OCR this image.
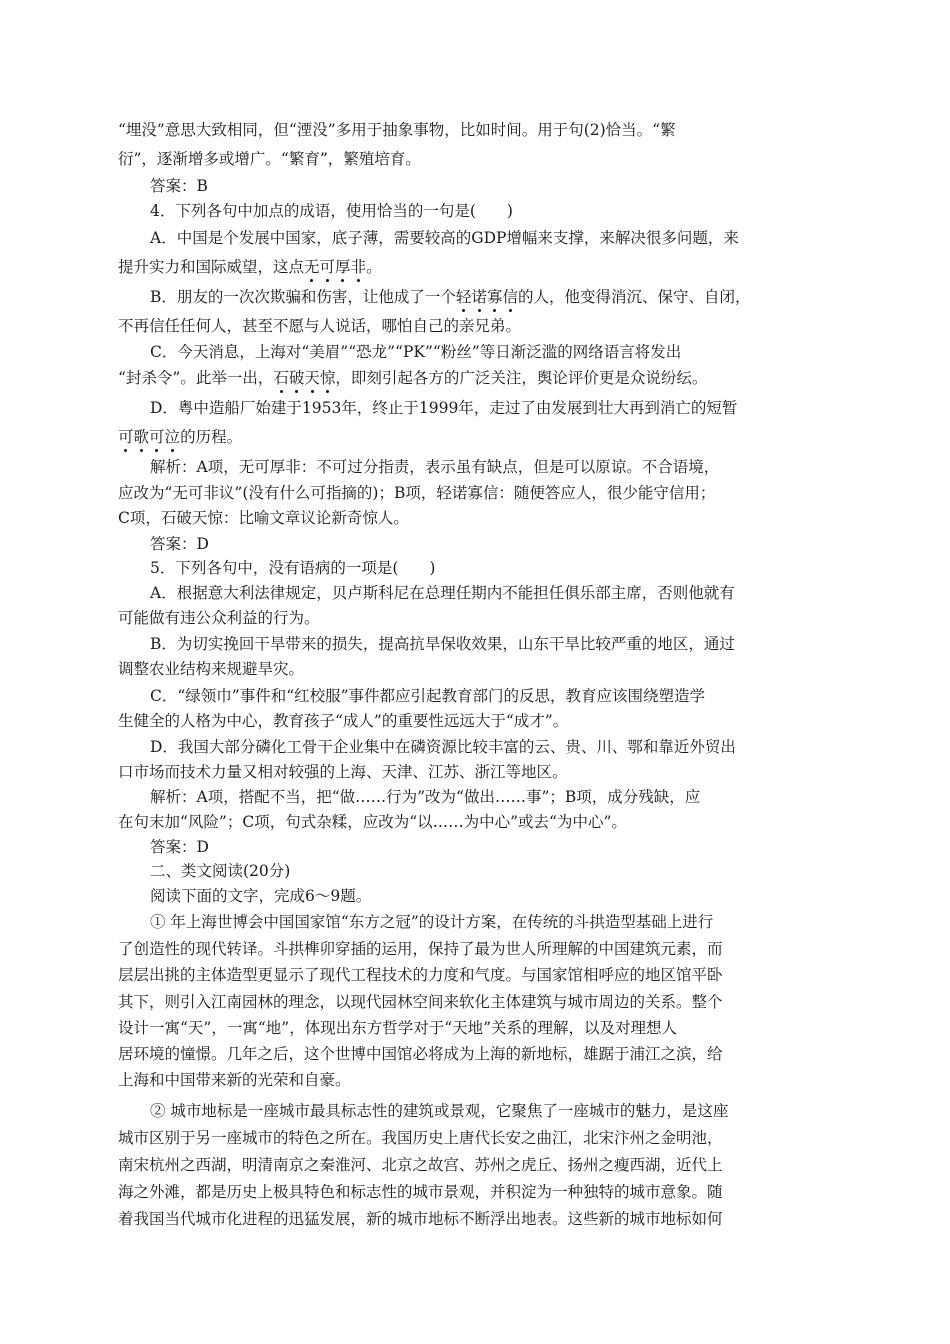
“埋没”意思大致相同，但“湮没”多用于抽象事物，比如时间。用于句(2)恰当。“繁
衍”，逐渐增多或增广。“繁育”，繁殖培育。
答案：B
4．下列各句中加点的成语，使用恰当的一句是(　　)
A．中国是个发展中国家，底子薄，需要较高的GDP增幅来支撑，来解决很多问题，来
提升实力和国际威望，这点无可厚非。
B．朋友的一次次欺骗和伤害，让他成了一个轻诺寡信的人，他变得消沉、保守、自闭，
不再信任任何人，甚至不愿与人说话，哪怕自己的亲兄弟。
C．今天消息，上海对“美眉”“恐龙”“PK”“粉丝”等日渐泛滥的网络语言将发出
“封杀令”。此举一出，石破天惊，即刻引起各方的广泛关注，舆论评价更是众说纷纭。
D．粤中造船厂始建于1953年，终止于1999年，走过了由发展到壮大再到消亡的短暂
可歌可泣的历程。
解析：A项，无可厚非：不可过分指责，表示虽有缺点，但是可以原谅。不合语境，
应改为“无可非议”(没有什么可指摘的)；B项，轻诺寡信：随便答应人，很少能守信用；
C项，石破天惊：比喻文章议论新奇惊人。
答案：D
5．下列各句中，没有语病的一项是(　　)
A．根据意大利法律规定，贝卢斯科尼在总理任期内不能担任俱乐部主席，否则他就有
可能做有违公众利益的行为。
B．为切实挽回干旱带来的损失，提高抗旱保收效果，山东干旱比较严重的地区，通过
调整农业结构来规避旱灾。
C．“绿领巾”事件和“红校服”事件都应引起教育部门的反思，教育应该围绕塑造学
生健全的人格为中心，教育孩子“成人”的重要性远远大于“成才”。
D．我国大部分磷化工骨干企业集中在磷资源比较丰富的云、贵、川、鄂和靠近外贸出
口市场而技术力量又相对较强的上海、天津、江苏、浙江等地区。
解析：A项，搭配不当，把“做……行为”改为“做出……事”；B项，成分残缺，应
在句末加“风险”；C项，句式杂糅，应改为“以……为中心”或去“为中心”。
答案：D
二、类文阅读(20分)
阅读下面的文字，完成6～9题。
① 年上海世博会中国国家馆“东方之冠”的设计方案，在传统的斗拱造型基础上进行
了创造性的现代转译。斗拱榫卯穿插的运用，保持了最为世人所理解的中国建筑元素，而
层层出挑的主体造型更显示了现代工程技术的力度和气度。与国家馆相呼应的地区馆平卧
其下，则引入江南园林的理念，以现代园林空间来软化主体建筑与城市周边的关系。整个
设计一寓“天”，一寓“地”，体现出东方哲学对于“天地”关系的理解，以及对理想人
居环境的憧憬。几年之后，这个世博中国馆必将成为上海的新地标，雄踞于浦江之滨，给
上海和中国带来新的光荣和自豪。
② 城市地标是一座城市最具标志性的建筑或景观，它聚焦了一座城市的魅力，是这座
城市区别于另一座城市的特色之所在。我国历史上唐代长安之曲江，北宋汴州之金明池，
南宋杭州之西湖，明清南京之秦淮河、北京之故宫、苏州之虎丘、扬州之瘦西湖，近代上
海之外滩，都是历史上极具特色和标志性的城市景观，并积淀为一种独特的城市意象。随
着我国当代城市化进程的迅猛发展，新的城市地标不断浮出地表。这些新的城市地标如何
